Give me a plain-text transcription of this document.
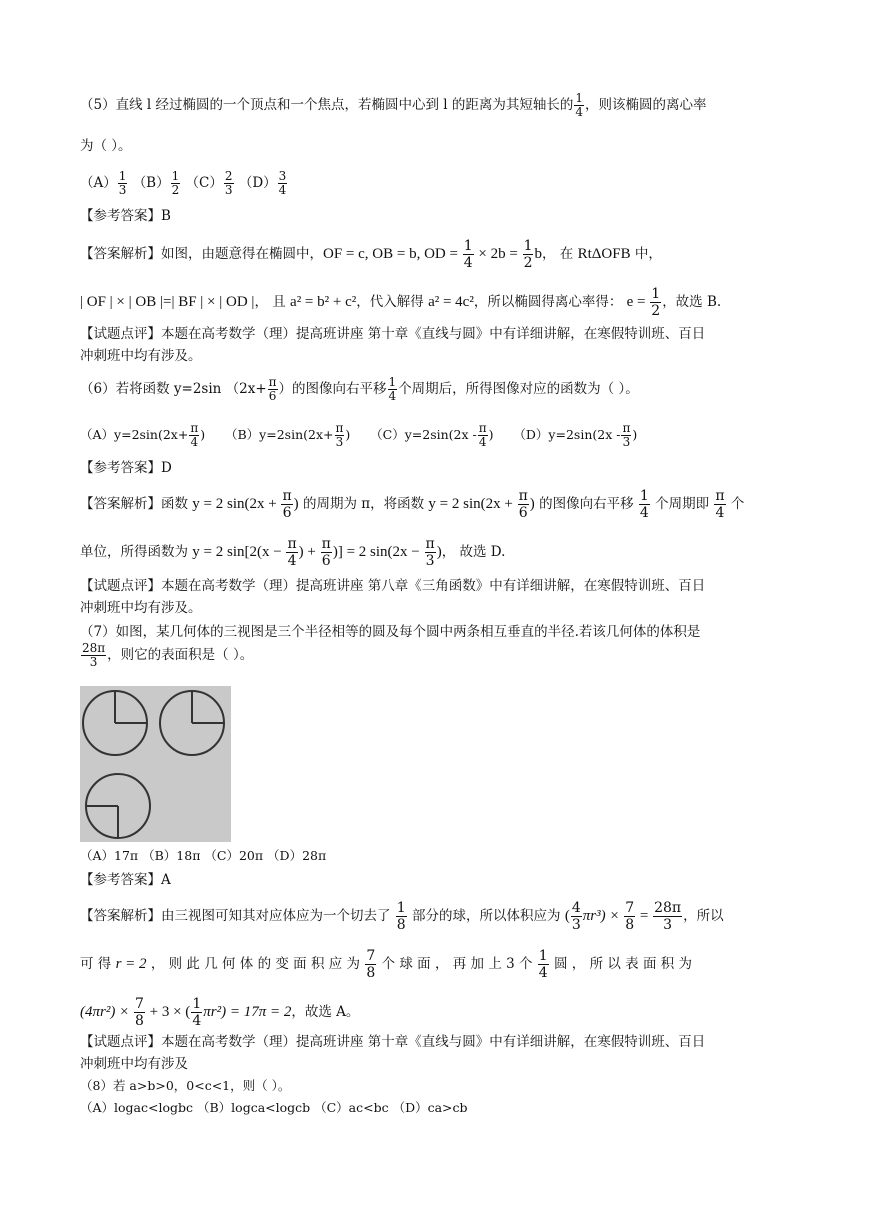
（5）直线 l 经过椭圆的一个顶点和一个焦点，若椭圆中心到 l 的距离为其短轴长的 $\frac{1}{4}$ ，则该椭圆的离心率
为（ ）。
$(A) \frac{1}{3} (B) \frac{1}{2} (C) \frac{2}{3} (D) \frac{3}{4}$
【参考答案】B
【答案解析】如图，由题意得在椭圆中，OF = c, OB = b, OD = $\frac{1}{4} \times 2b = \frac{1}{2}$ b， 在 RtΔOFB 中，
| OF | × | OB |=| BF | × | OD |， 且 a² = b² + c²，代入解得 a² = 4c²，所以椭圆得离心率得： $e = \frac{1}{2}$ ，故选 B.
【试题点评】本题在高考数学（理）提高班讲座 第十章《直线与圆》中有详细讲解，在寒假特训班、百日
冲刺班中均有涉及。
（6）若将函数 y=2sin （$2x+ \frac{\pi}{6}$ ）的图像向右平移 $\frac{1}{4}$ 个周期后，所得图像对应的函数为（ ）。
$(A)y=2\sin(2x+ \frac{\pi}{4}$ ) $(B)y=2\sin(2x+ \frac{\pi}{3}$ ) $(C)y=2\sin(2x - \frac{\pi}{4}$ ) $(D)y=2\sin(2x - \frac{\pi}{3}$ )
【参考答案】D
【答案解析】函数 y = 2 $\sin(2x + \frac{\pi}{6}$ ) 的周期为 π，将函数 y = 2 $\sin(2x + \frac{\pi}{6}$ ) 的图像向右平移 $\frac{1}{4}$ 个周期即 $\frac{\pi}{4}$ 个
单位，所得函数为 y = 2 $\sin[2(x - \frac{\pi}{4}$ ) + $\frac{\pi}{6}$ )] = 2 $\sin(2x - \frac{\pi}{3}$ )， 故选 D.
【试题点评】本题在高考数学（理）提高班讲座 第八章《三角函数》中有详细讲解，在寒假特训班、百日
冲刺班中均有涉及。
（7）如图，某几何体的三视图是三个半径相等的圆及每个圆中两条相互垂直的半径.若该几何体的体积是
$\frac{28\pi}{3}$ ，则它的表面积是（ ）。
（A）17π （B）18π （C）20π （D）28π
【参考答案】A
【答案解析】由三视图可知其对应体应为一个切去了 $\frac{1}{8}$ 部分的球，所以体积应为 ( $\frac{4}{3} \pi r^3) \times \frac{7}{8} = \frac{28\pi}{3}$ ，所以
可 得 r = 2 ， 则 此 几 何 体 的 变 面 积 应 为 $\frac{7}{8}$ 个 球 面 ， 再 加 上 3 个 $\frac{1}{4}$ 圆 ， 所 以 表 面 积 为
$(4\pi r^2) \times \frac{7}{8} + 3$ × ( $\frac{1}{4} \pi r^2) = 17\pi = 2$，故选 A。
【试题点评】本题在高考数学（理）提高班讲座 第十章《直线与圆》中有详细讲解，在寒假特训班、百日
冲刺班中均有涉及
（8）若 a>b>0，0<c<1，则（ ）。
（A）logac<logbc （B）logca<logcb （C）ac<bc （D）ca>cb
